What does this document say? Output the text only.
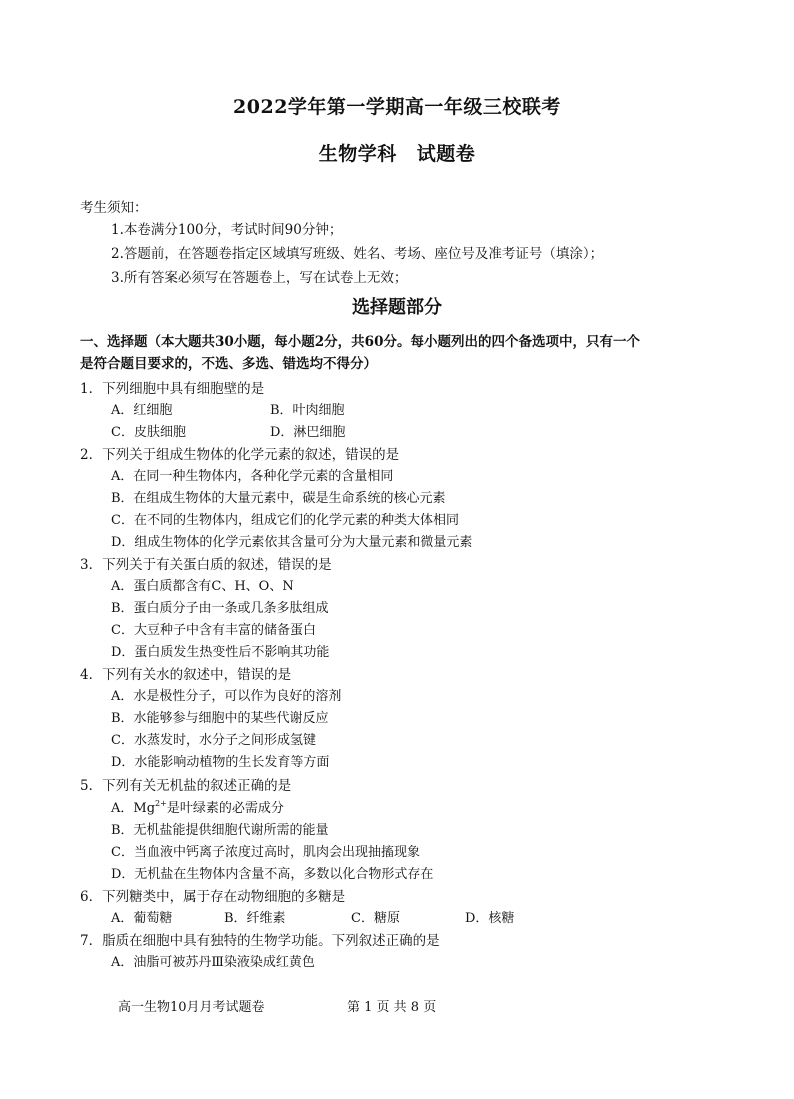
2022学年第一学期高一年级三校联考
生物学科 试题卷
考生须知：
1.本卷满分100分，考试时间90分钟；
2.答题前，在答题卷指定区域填写班级、姓名、考场、座位号及准考证号（填涂）；
3.所有答案必须写在答题卷上，写在试卷上无效；
选择题部分
一、选择题（本大题共30小题，每小题2分，共60分。每小题列出的四个备选项中，只有一个
是符合题目要求的，不选、多选、错选均不得分）
1．下列细胞中具有细胞壁的是
A．红细胞	B．叶肉细胞
C．皮肤细胞	D．淋巴细胞
2．下列关于组成生物体的化学元素的叙述，错误的是
A．在同一种生物体内，各种化学元素的含量相同
B．在组成生物体的大量元素中，碳是生命系统的核心元素
C．在不同的生物体内，组成它们的化学元素的种类大体相同
D．组成生物体的化学元素依其含量可分为大量元素和微量元素
3．下列关于有关蛋白质的叙述，错误的是
A．蛋白质都含有C、H、O、N
B．蛋白质分子由一条或几条多肽组成
C．大豆种子中含有丰富的储备蛋白
D．蛋白质发生热变性后不影响其功能
4．下列有关水的叙述中，错误的是
A．水是极性分子，可以作为良好的溶剂
B．水能够参与细胞中的某些代谢反应
C．水蒸发时，水分子之间形成氢键
D．水能影响动植物的生长发育等方面
5．下列有关无机盐的叙述正确的是
A．$Mg^{2+}$是叶绿素的必需成分
B．无机盐能提供细胞代谢所需的能量
C．当血液中钙离子浓度过高时，肌肉会出现抽搐现象
D．无机盐在生物体内含量不高，多数以化合物形式存在
6．下列糖类中，属于存在动物细胞的多糖是
A．葡萄糖	B．纤维素	C．糖原	D．核糖
7．脂质在细胞中具有独特的生物学功能。下列叙述正确的是
A．油脂可被苏丹Ⅲ染液染成红黄色
高一生物10月月考试题卷	第 1 页 共 8 页
